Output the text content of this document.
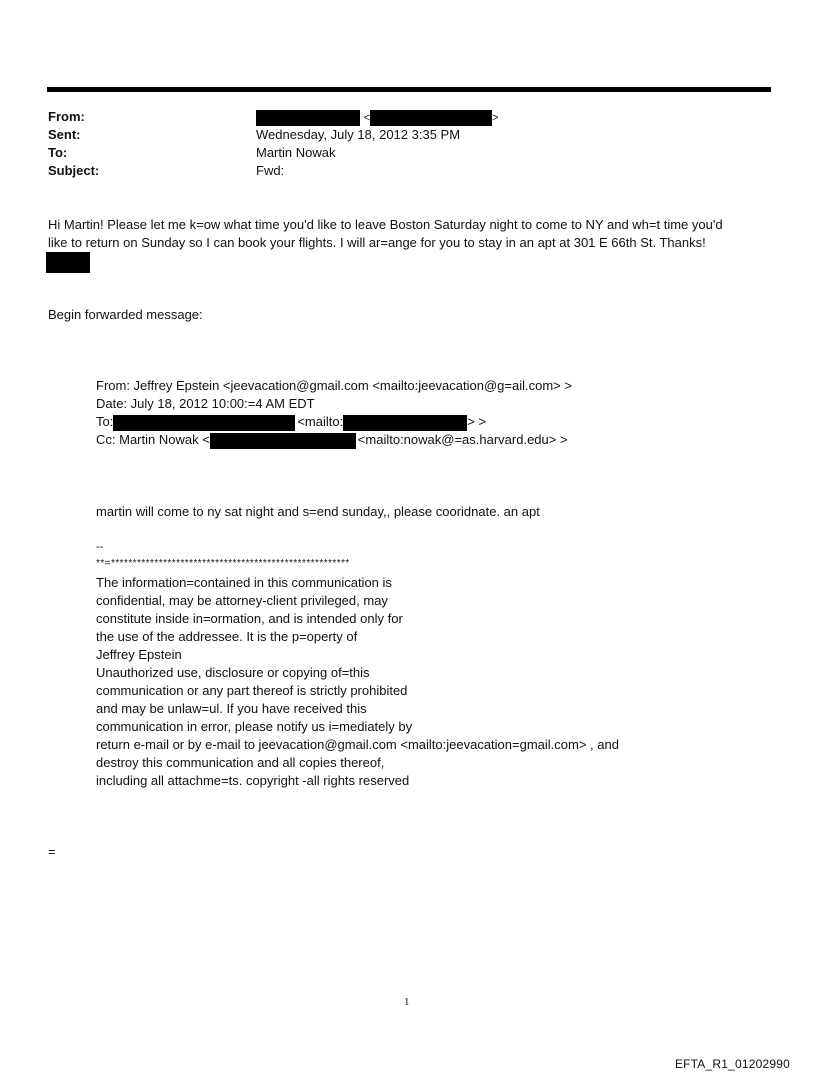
From:	<	>
Sent:	Wednesday, July 18, 2012 3:35 PM
To:	Martin Nowak
Subject:	Fwd:
Hi Martin! Please let me k=ow what time you'd like to leave Boston Saturday night to come to NY and wh=t time you'd
like to return on Sunday so I can book your flights. I will ar=ange for you to stay in an apt at 301 E 66th St. Thanks!
Begin forwarded message:
From: Jeffrey Epstein <jeevacation@gmail.com <mailto:jeevacation@g=ail.com> >
Date: July 18, 2012 10:00:=4 AM EDT
To:	<mailto:	> >
Cc: Martin Nowak <	<mailto:nowak@=as.harvard.edu> >
martin will come to ny sat night and s=end sunday,, please cooridnate. an apt
--
**=*******************************************************
The information=contained in this communication is
confidential, may be attorney-client privileged, may
constitute inside in=ormation, and is intended only for
the use of the addressee. It is the p=operty of
Jeffrey Epstein
Unauthorized use, disclosure or copying of=this
communication or any part thereof is strictly prohibited
and may be unlaw=ul. If you have received this
communication in error, please notify us i=mediately by
return e-mail or by e-mail to jeevacation@gmail.com <mailto:jeevacation=gmail.com> , and
destroy this communication and all copies thereof,
including all attachme=ts. copyright -all rights reserved
=
1
EFTA_R1_01202990
